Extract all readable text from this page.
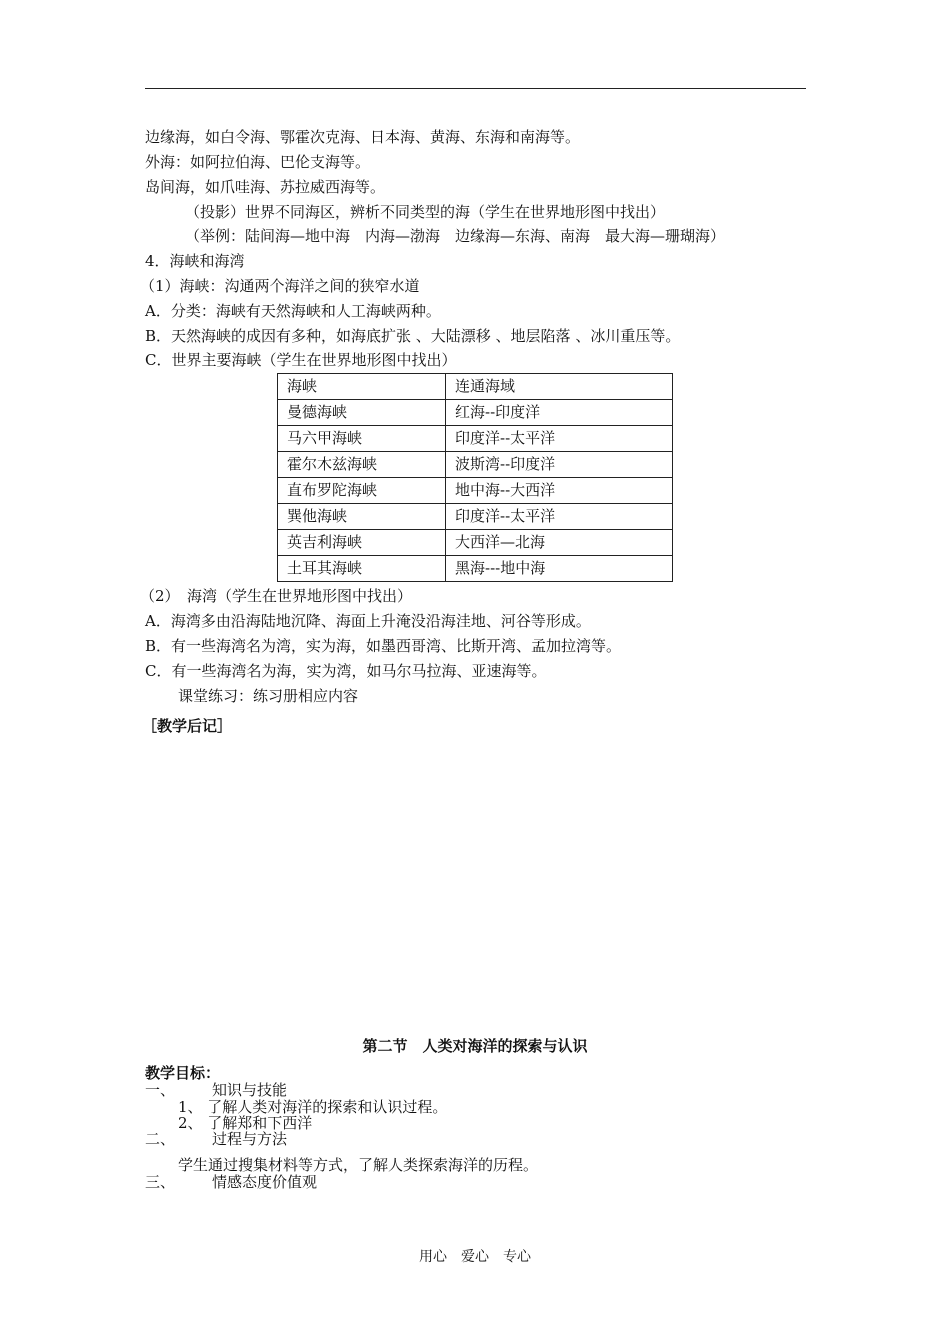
边缘海，如白令海、鄂霍次克海、日本海、黄海、东海和南海等。
外海：如阿拉伯海、巴伦支海等。
岛间海，如爪哇海、苏拉威西海等。
（投影）世界不同海区，辨析不同类型的海（学生在世界地形图中找出）
（举例：陆间海—地中海　内海—渤海　边缘海—东海、南海　最大海—珊瑚海）
4．海峡和海湾
（1）海峡：沟通两个海洋之间的狭窄水道
A．分类：海峡有天然海峡和人工海峡两种。
B．天然海峡的成因有多种，如海底扩张 、大陆漂移 、地层陷落 、冰川重压等。
C．世界主要海峡（学生在世界地形图中找出）
海峡	连通海域
曼德海峡	红海--印度洋
马六甲海峡	印度洋--太平洋
霍尔木兹海峡	波斯湾--印度洋
直布罗陀海峡	地中海--大西洋
巽他海峡	印度洋--太平洋
英吉利海峡	大西洋—北海
土耳其海峡	黑海---地中海
（2）　海湾（学生在世界地形图中找出）
A．海湾多由沿海陆地沉降、海面上升淹没沿海洼地、河谷等形成。
B．有一些海湾名为湾，实为海，如墨西哥湾、比斯开湾、孟加拉湾等。
C．有一些海湾名为海，实为湾，如马尔马拉海、亚速海等。
课堂练习：练习册相应内容
［教学后记］
第二节　人类对海洋的探索与认识
教学目标：
一、 知识与技能
1、 了解人类对海洋的探索和认识过程。
2、 了解郑和下西洋
二、 过程与方法
学生通过搜集材料等方式，了解人类探索海洋的历程。
三、 情感态度价值观
用心　爱心　专心
